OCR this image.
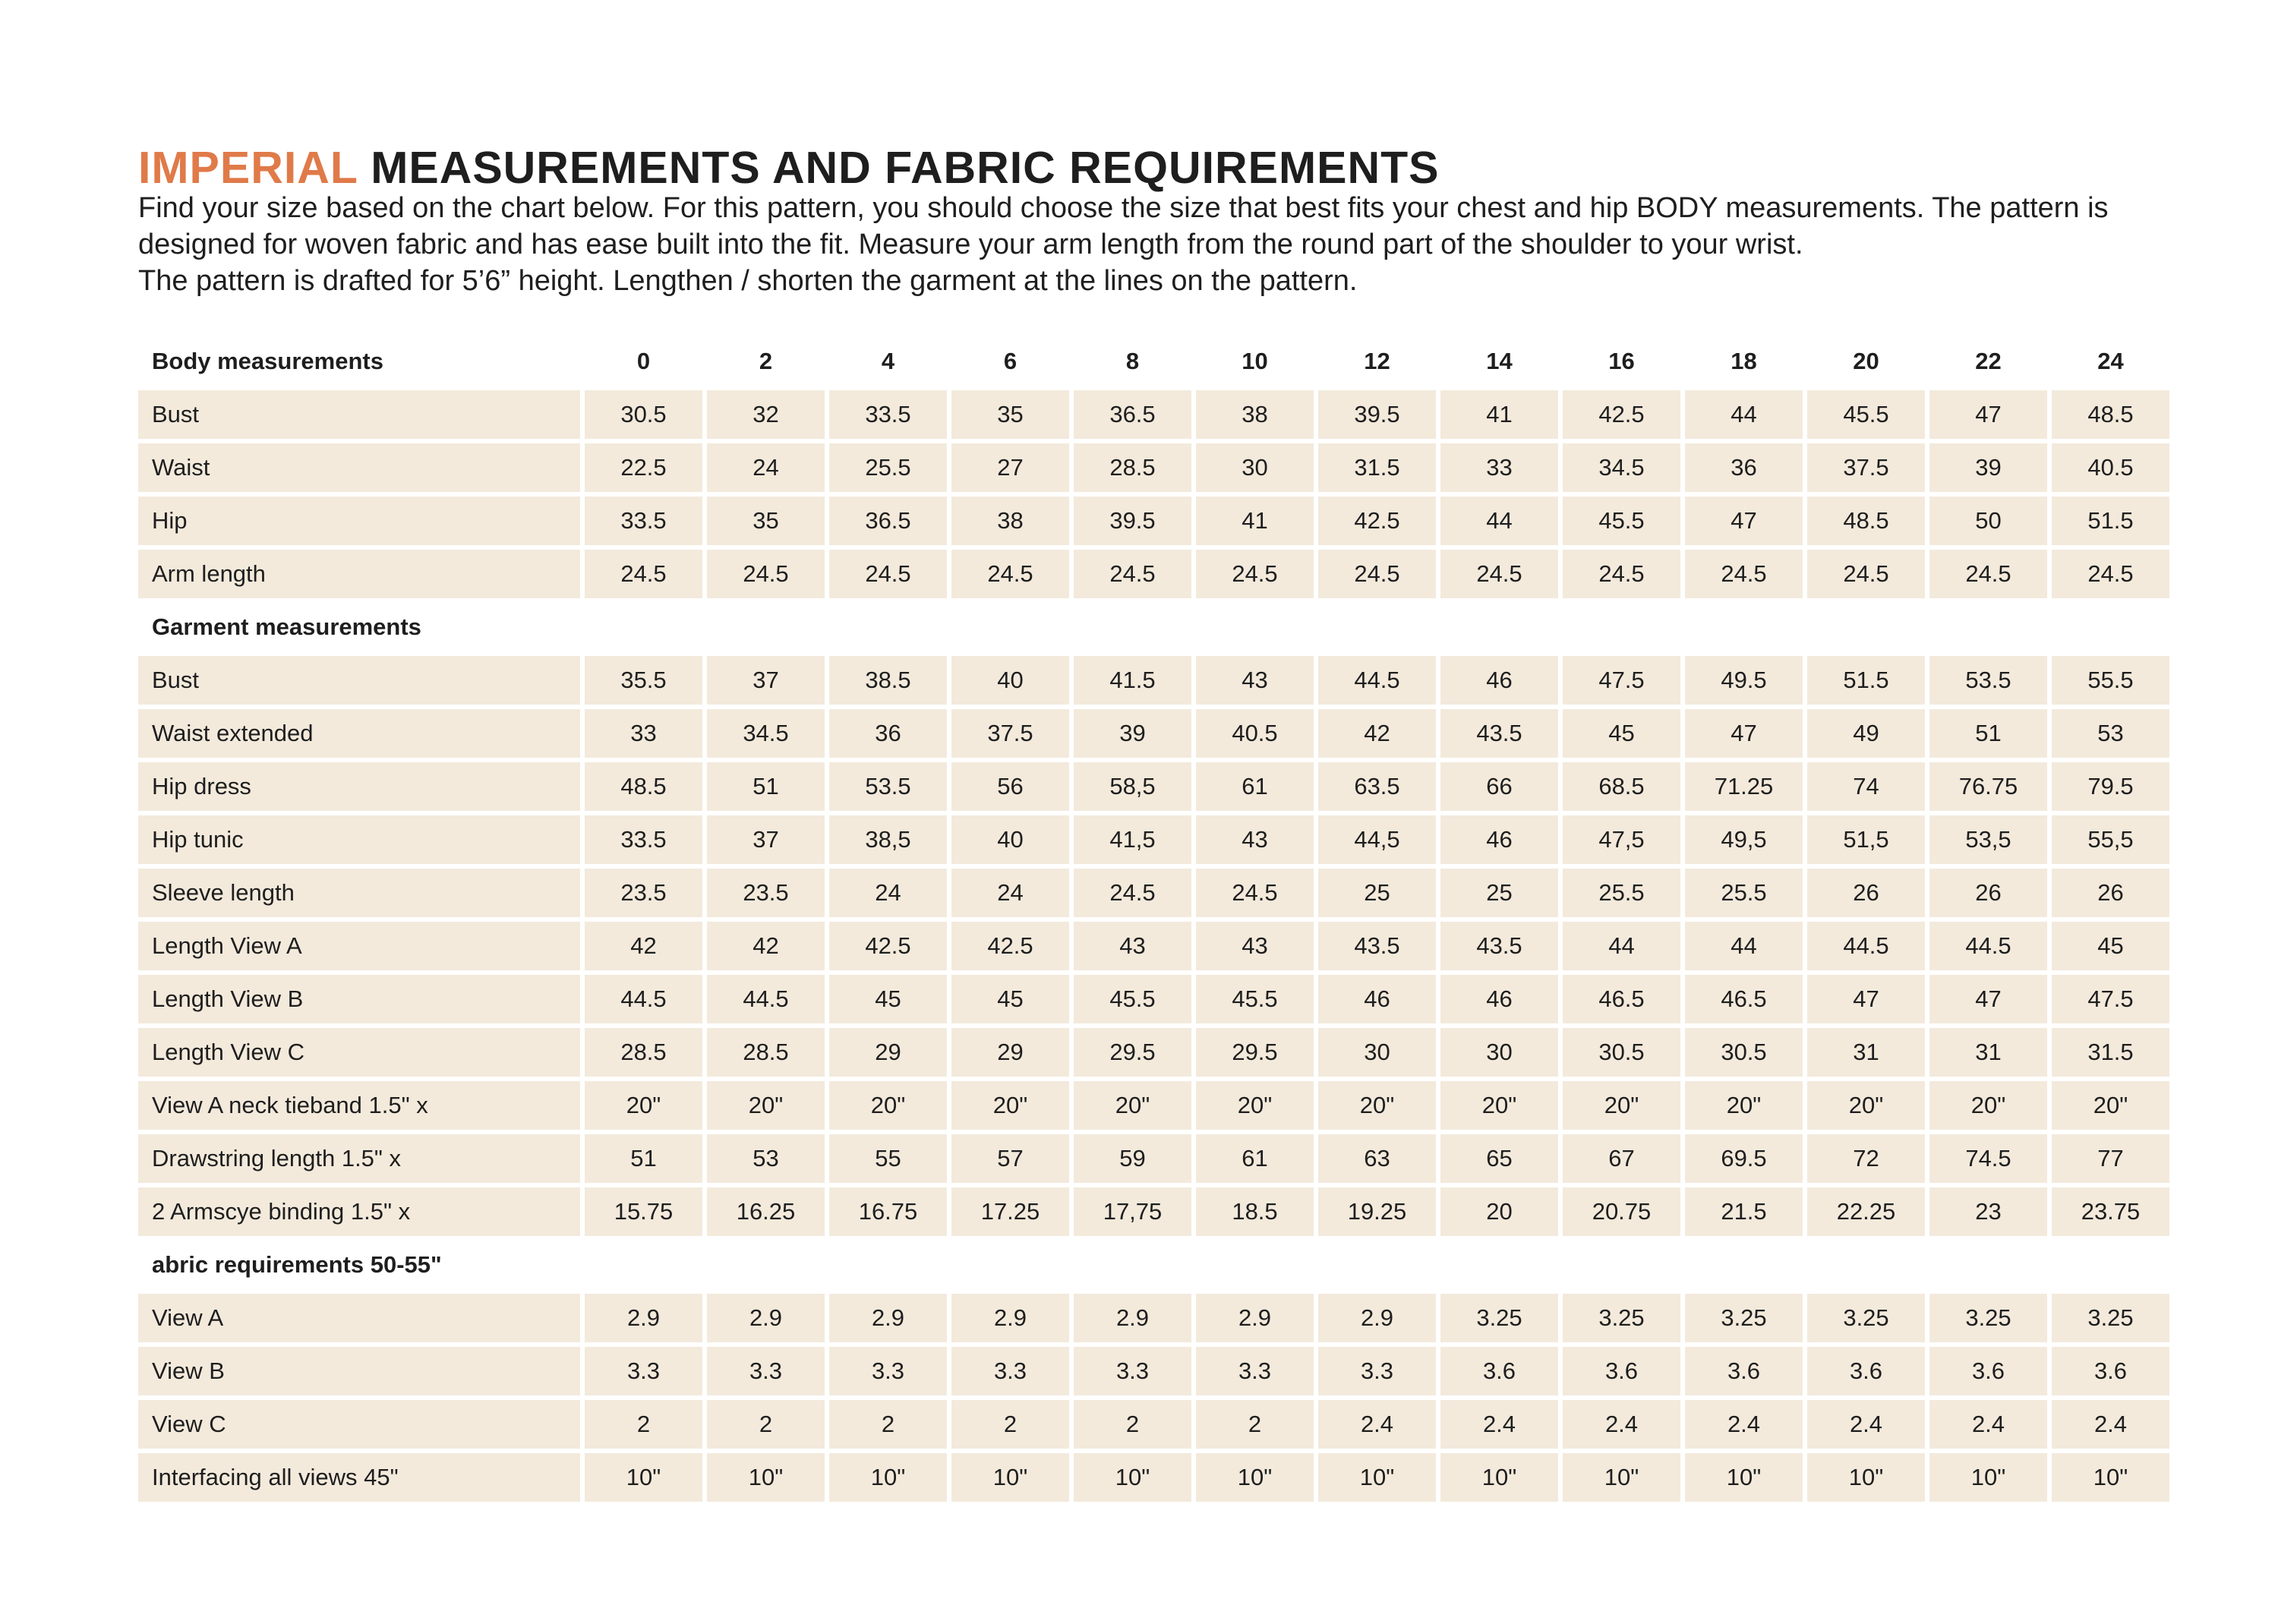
IMPERIAL MEASUREMENTS AND FABRIC REQUIREMENTS

Find your size based on the chart below. For this pattern, you should choose the size that best fits your chest and hip BODY measurements. The pattern is designed for woven fabric and has ease built into the fit. Measure your arm length from the round part of the shoulder to your wrist.

The pattern is drafted for 5’6” height. Lengthen / shorten the garment at the lines on the pattern.

Body measurements	0	2	4	6	8	10	12	14	16	18	20	22	24
Bust	30.5	32	33.5	35	36.5	38	39.5	41	42.5	44	45.5	47	48.5
Waist	22.5	24	25.5	27	28.5	30	31.5	33	34.5	36	37.5	39	40.5
Hip	33.5	35	36.5	38	39.5	41	42.5	44	45.5	47	48.5	50	51.5
Arm length	24.5	24.5	24.5	24.5	24.5	24.5	24.5	24.5	24.5	24.5	24.5	24.5	24.5
Garment measurements													
Bust	35.5	37	38.5	40	41.5	43	44.5	46	47.5	49.5	51.5	53.5	55.5
Waist extended	33	34.5	36	37.5	39	40.5	42	43.5	45	47	49	51	53
Hip dress	48.5	51	53.5	56	58,5	61	63.5	66	68.5	71.25	74	76.75	79.5
Hip tunic	33.5	37	38,5	40	41,5	43	44,5	46	47,5	49,5	51,5	53,5	55,5
Sleeve length	23.5	23.5	24	24	24.5	24.5	25	25	25.5	25.5	26	26	26
Length View A	42	42	42.5	42.5	43	43	43.5	43.5	44	44	44.5	44.5	45
Length View B	44.5	44.5	45	45	45.5	45.5	46	46	46.5	46.5	47	47	47.5
Length View C	28.5	28.5	29	29	29.5	29.5	30	30	30.5	30.5	31	31	31.5
View A neck tieband 1.5" x	20"	20"	20"	20"	20"	20"	20"	20"	20"	20"	20"	20"	20"
Drawstring length 1.5" x	51	53	55	57	59	61	63	65	67	69.5	72	74.5	77
2 Armscye binding 1.5" x	15.75	16.25	16.75	17.25	17,75	18.5	19.25	20	20.75	21.5	22.25	23	23.75
abric requirements 50-55"													
View A	2.9	2.9	2.9	2.9	2.9	2.9	2.9	3.25	3.25	3.25	3.25	3.25	3.25
View B	3.3	3.3	3.3	3.3	3.3	3.3	3.3	3.6	3.6	3.6	3.6	3.6	3.6
View C	2	2	2	2	2	2	2.4	2.4	2.4	2.4	2.4	2.4	2.4
Interfacing all views 45"	10"	10"	10"	10"	10"	10"	10"	10"	10"	10"	10"	10"	10"
